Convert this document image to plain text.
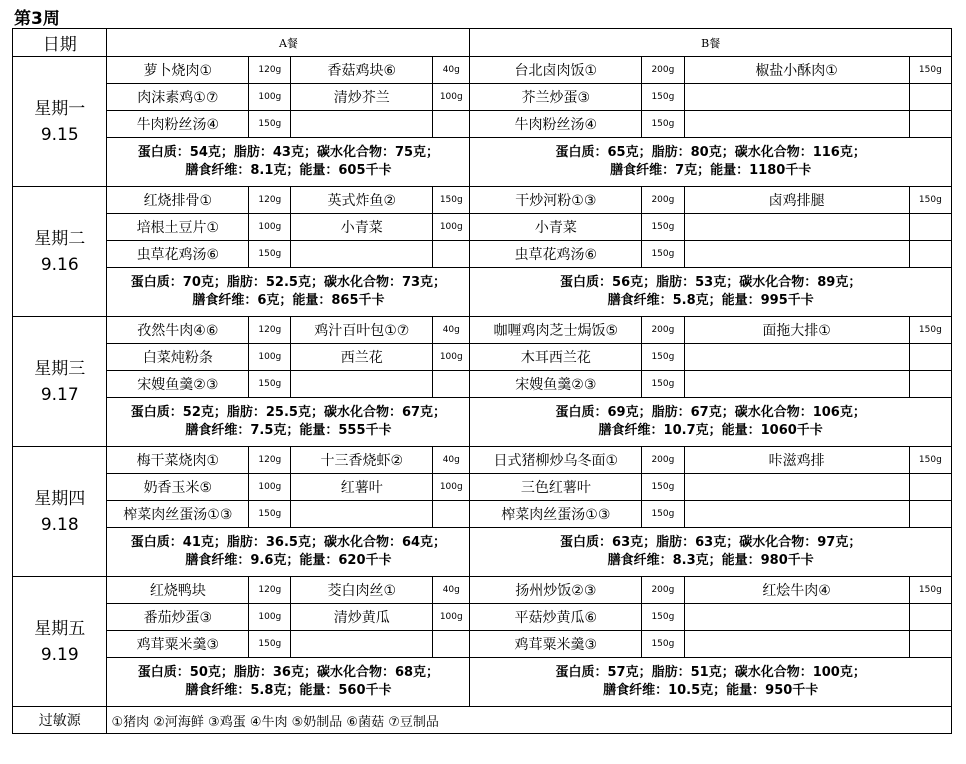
第3周
日期	A餐				B餐			

星期一
9.15	萝卜烧肉①	120g	香菇鸡块⑥	40g	台北卤肉饭①	200g	椒盐小酥肉①	150g
	肉沫素鸡①⑦	100g	清炒芥兰	100g	芥兰炒蛋③	150g		
	牛肉粉丝汤④	150g			牛肉粉丝汤④	150g		

	蛋白质：54克；脂肪：43克；碳水化合物：75克；
膳食纤维：8.1克；能量：605千卡				蛋白质：65克；脂肪：80克；碳水化合物：116克；
膳食纤维：7克；能量：1180千卡			

星期二
9.16	红烧排骨①	120g	英式炸鱼②	150g	干炒河粉①③	200g	卤鸡排腿	150g
	培根土豆片①	100g	小青菜	100g	小青菜	150g		
	虫草花鸡汤⑥	150g			虫草花鸡汤⑥	150g		

	蛋白质：70克；脂肪：52.5克；碳水化合物：73克；
膳食纤维：6克；能量：865千卡				蛋白质：56克；脂肪：53克；碳水化合物：89克；
膳食纤维：5.8克；能量：995千卡			

星期三
9.17	孜然牛肉④⑥	120g	鸡汁百叶包①⑦	40g	咖喱鸡肉芝士焗饭⑤	200g	面拖大排①	150g
	白菜炖粉条	100g	西兰花	100g	木耳西兰花	150g		
	宋嫂鱼羹②③	150g			宋嫂鱼羹②③	150g		

	蛋白质：52克；脂肪：25.5克；碳水化合物：67克；
膳食纤维：7.5克；能量：555千卡				蛋白质：69克；脂肪：67克；碳水化合物：106克；
膳食纤维：10.7克；能量：1060千卡			

星期四
9.18	梅干菜烧肉①	120g	十三香烧虾②	40g	日式猪柳炒乌冬面①	200g	咔滋鸡排	150g
	奶香玉米⑤	100g	红薯叶	100g	三色红薯叶	150g		
	榨菜肉丝蛋汤①③	150g			榨菜肉丝蛋汤①③	150g		

	蛋白质：41克；脂肪：36.5克；碳水化合物：64克；
膳食纤维：9.6克；能量：620千卡				蛋白质：63克；脂肪：63克；碳水化合物：97克；
膳食纤维：8.3克；能量：980千卡			

星期五
9.19	红烧鸭块	120g	茭白肉丝①	40g	扬州炒饭②③	200g	红烩牛肉④	150g
	番茄炒蛋③	100g	清炒黄瓜	100g	平菇炒黄瓜⑥	150g		
	鸡茸粟米羹③	150g			鸡茸粟米羹③	150g		

	蛋白质：50克；脂肪：36克；碳水化合物：68克；
膳食纤维：5.8克；能量：560千卡				蛋白质：57克；脂肪：51克；碳水化合物：100克；
膳食纤维：10.5克；能量：950千卡			

过敏源	①猪肉 ②河海鲜 ③鸡蛋 ④牛肉 ⑤奶制品 ⑥菌菇 ⑦豆制品							
